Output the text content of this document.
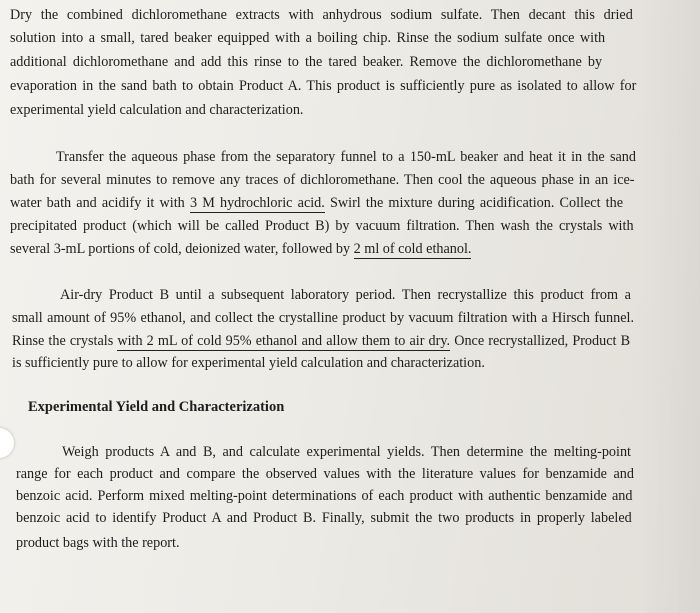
Dry the combined dichloromethane extracts with anhydrous sodium sulfate. Then decant this dried
solution into a small, tared beaker equipped with a boiling chip. Rinse the sodium sulfate once with
additional dichloromethane and add this rinse to the tared beaker. Remove the dichloromethane by
evaporation in the sand bath to obtain Product A. This product is sufficiently pure as isolated to allow for
experimental yield calculation and characterization.
Transfer the aqueous phase from the separatory funnel to a 150-mL beaker and heat it in the sand
bath for several minutes to remove any traces of dichloromethane. Then cool the aqueous phase in an ice-
water bath and acidify it with 3 M hydrochloric acid. Swirl the mixture during acidification. Collect the
precipitated product (which will be called Product B) by vacuum filtration. Then wash the crystals with
several 3-mL portions of cold, deionized water, followed by 2 ml of cold ethanol.
Air-dry Product B until a subsequent laboratory period. Then recrystallize this product from a
small amount of 95% ethanol, and collect the crystalline product by vacuum filtration with a Hirsch funnel.
Rinse the crystals with 2 mL of cold 95% ethanol and allow them to air dry. Once recrystallized, Product B
is sufficiently pure to allow for experimental yield calculation and characterization.
Experimental Yield and Characterization
Weigh products A and B, and calculate experimental yields. Then determine the melting-point
range for each product and compare the observed values with the literature values for benzamide and
benzoic acid. Perform mixed melting-point determinations of each product with authentic benzamide and
benzoic acid to identify Product A and Product B. Finally, submit the two products in properly labeled
product bags with the report.
